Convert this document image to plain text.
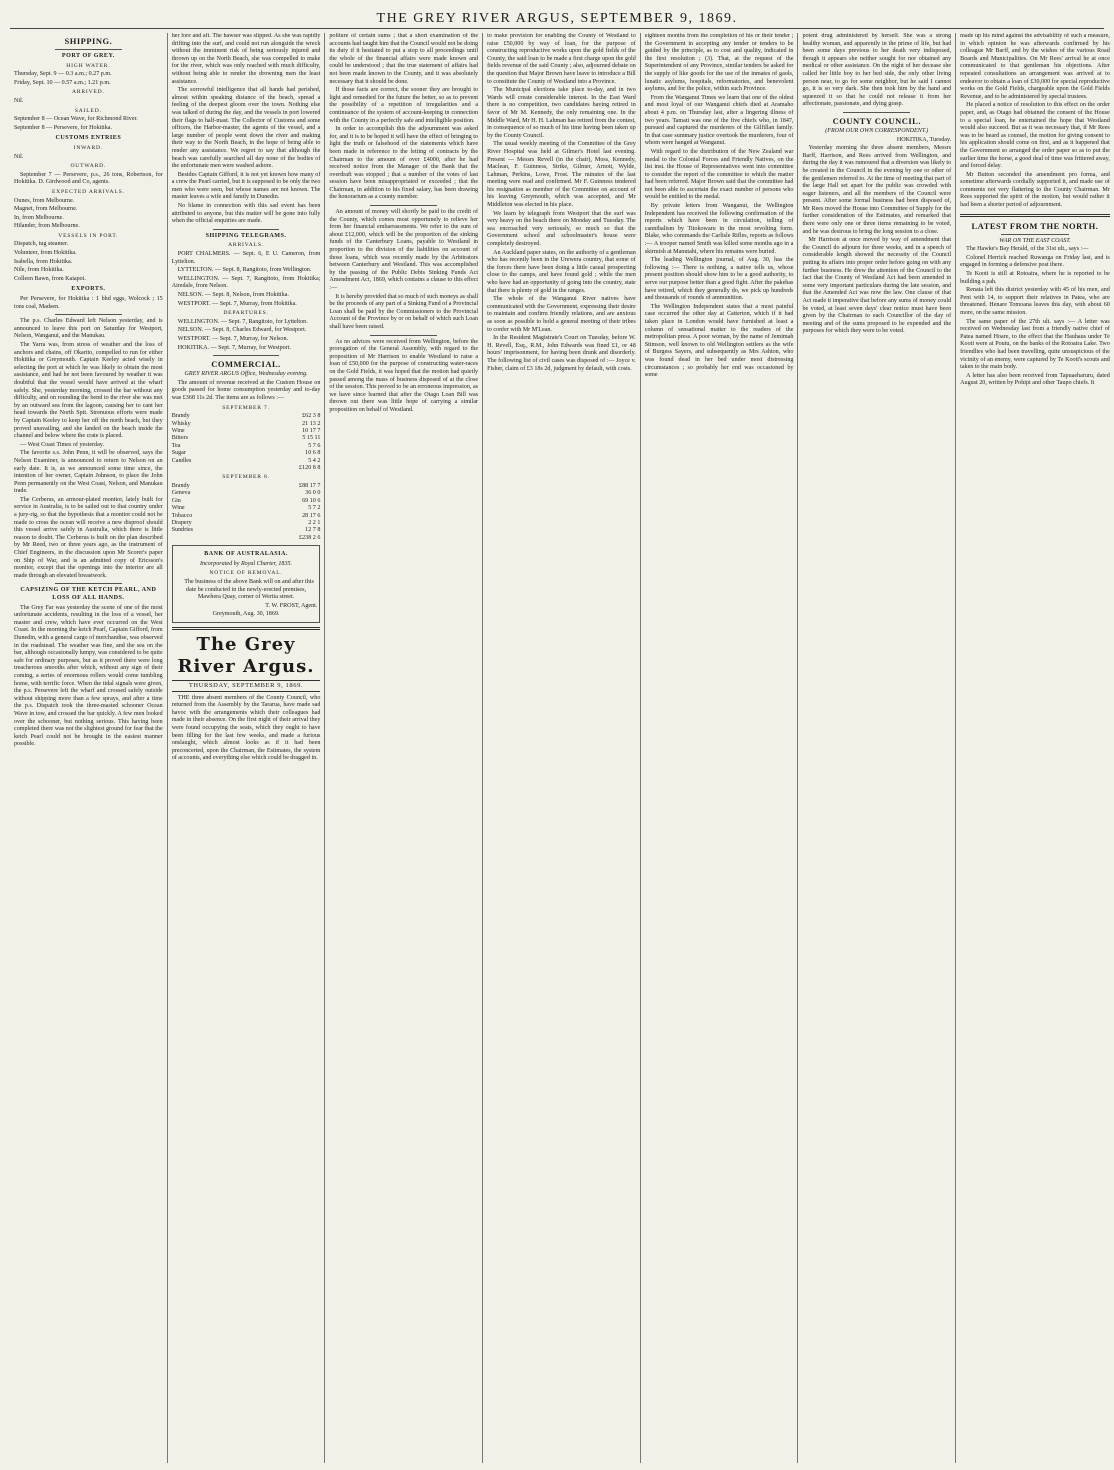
THE GREY RIVER ARGUS, SEPTEMBER 9, 1869.
SHIPPING.
PORT OF GREY.
HIGH WATER.

Thursday, Sept. 9 — 0.3 a.m.; 0.27 p.m.

Friday, Sept. 10 — 0.57 a.m.; 1.21 p.m.

ARRIVED.

Nil.

SAILED.

September 8 — Ocean Wave, for Richmond River.

September 8 — Persevere, for Hokitika.

CUSTOMS ENTRIES
INWARD.

Nil.

OUTWARD.

September 7 — Persevere, p.s., 26 tons, Robertson, for Hokitika. D. Girdwood and Co, agents.

EXPECTED ARRIVALS.

Ounes, from Melbourne.

Magnet, from Melbourne.

In, from Melbourne.

Hilander, from Melbourne.

VESSELS IN PORT.

Dispatch, tug steamer.

Volunteer, from Hokitika.

Isabella, from Hokitika.

Nile, from Hokitika.

Colleen Bawn, from Kaiapoi.

EXPORTS.

Per Persevere, for Hokitika : 1 bhd eggs, Wolcock ; 15 tons coal, Madsen.

The p.s. Charles Edward left Nelson yesterday, and is announced to leave this port on Saturday for Westport, Nelson, Wanganui, and the Manukau.

The Yarra was, from stress of weather and the loss of anchors and chains, off Okarito, compelled to run for either Hokitika or Greymouth. Captain Keeley acted wisely in selecting the port at which he was likely to obtain the most assistance, and had he not been favoured by weather it was doubtful that the vessel would have arrived at the wharf safely. She, yesterday morning, crossed the bar without any difficulty, and on rounding the bend to the river she was met by an outward sea from the lagoon, causing her to cant her head towards the North Spit. Strenuous efforts were made by Captain Keeley to keep her off the north beach, but they proved unavailing, and she landed on the beach inside the channel and below where the crate is placed.

— West Coast Times of yesterday.

The favorite s.s. John Penn, it will be observed, says the Nelson Examiner, is announced to return to Nelson on an early date. It is, as we announced some time since, the intention of her owner, Captain Johnson, to place the John Penn permanently on the West Coast, Nelson, and Manukau trade.

The Cerberus, an armour-plated monitor, lately built for service in Australia, is to be sailed out to that country under a jury-rig, so that the hypothesis that a monitor could not be made to cross the ocean will receive a new disproof should this vessel arrive safely in Australia, which there is little reason to doubt. The Cerberus is built on the plan described by Mr Reed, two or three years ago, as the instrument of Chief Engineers, in the discussion upon Mr Scorer's paper on Ship of War, and is an admitted copy of Ericsson's monitor, except that the openings into the interior are all made through an elevated breastwork.

CAPSIZING OF THE KETCH PEARL, AND LOSS OF ALL HANDS.

The Grey Far was yesterday the scene of one of the most unfortunate accidents, resulting in the loss of a vessel, her master and crew, which have ever occurred on the West Coast. In the morning the ketch Pearl, Captain Gifford, from Dunedin, with a general cargo of merchandise, was observed in the roadstead. The weather was fine, and the sea on the bar, although occasionally lumpy, was considered to be quite safe for ordinary purposes, but as it proved there were long treacherous smooths after which, without any sign of their coming, a series of enormous rollers would come tumbling home, with terrific force. When the tidal signals were given, the p.s. Persevere left the wharf and crossed safely outside without shipping more than a few sprays, and after a time the p.s. Dispatch took the three-masted schooner Ocean Wave in tow, and crossed the bar quickly. A few men looked over the schooner, but nothing serious. This having been completed there was not the slightest ground for fear that the ketch Pearl could not be brought in the easiest manner possible.

her fore and aft. The hawser was slipped. As she was rapidly drifting into the surf, and could not run alongside the wreck without the imminent risk of being seriously injured and thrown up on the North Beach, she was compelled to make for the river, which was only reached with much difficulty, without being able to render the drowning men the least assistance.

The sorrowful intelligence that all hands had perished, almost within speaking distance of the beach, spread a feeling of the deepest gloom over the town. Nothing else was talked of during the day, and the vessels in port lowered their flags to half-mast. The Collector of Customs and some officers, the Harbor-master, the agents of the vessel, and a large number of people went down the river and making their way to the North Beach, in the hope of being able to render any assistance. We regret to say that although the beach was carefully searched all day none of the bodies of the unfortunate men were washed ashore.

Besides Captain Gifford, it is not yet known how many of a crew the Pearl carried, but it is supposed to be only the two men who were seen, but whose names are not known. The master leaves a wife and family in Dunedin.

No blame in connection with this sad event has been attributed to anyone, but this matter will be gone into fully when the official enquiries are made.

SHIPPING TELEGRAMS.
ARRIVALS.

PORT CHALMERS. — Sept. 6, E U. Cameron, from Lyttelton.

LYTTELTON. — Sept. 8, Rangitoto, from Wellington.

WELLINGTON. — Sept. 7, Rangitoto, from Hokitika; Airedale, from Nelson.

NELSON. — Sept. 8, Nelson, from Hokitika.

WESTPORT. — Sept. 7, Murray, from Hokitika.

DEPARTURES.

WELLINGTON. — Sept. 7, Rangitoto, for Lyttelton.

NELSON. — Sept. 8, Charles Edward, for Westport.

WESTPORT. — Sept. 7, Murray, for Nelson.

HOKITIKA. — Sept. 7, Murray, for Westport.

COMMERCIAL.
GREY RIVER ARGUS Office, Wednesday evening.

The amount of revenue received at the Custom House on goods passed for home consumption yesterday and to-day was £368 11s 2d. The items are as follows :—

SEPTEMBER 7.
Brandy	£62 3 8
Whisky	21 13 2
Wine	10 17 7
Bitters	5 15 11
Tea	5 7 6
Sugar	10 6 8
Candles	5 4 2
	£120 8 8
SEPTEMBER 8.
Brandy	£88 17 7
Geneva	36 0 0
Gin	69 10 6
Wine	5 7 2
Tobacco	28 17 6
Drapery	2 2 1
Sundries	12 7 8
	£238 2 6
BANK OF AUSTRALASIA.
Incorporated by Royal Charter, 1835.
NOTICE OF REMOVAL.

The business of the above Bank will on and after this date be conducted in the newly-erected premises, Mawhera Quay, corner of Werita street.

T. W. FROST, Agent.

Greymouth, Aug. 30, 1869.

The Grey River Argus.
THURSDAY, SEPTEMBER 9, 1869.

THE three absent members of the County Council, who returned from the Assembly by the Tararua, have made sad havoc with the arrangements which their colleagues had made in their absence. On the first night of their arrival they were found occupying the seats, which they ought to have been filling for the last few weeks, and made a furious onslaught, which almost looks as if it had been preconcerted, upon the Chairman, the Estimates, the system of accounts, and everything else which could be dragged in.

politure of certain sums ; that a short examination of the accounts had taught him that the Council would not be doing its duty if it hesitated to put a stop to all proceedings until the whole of the financial affairs were made known and could be understood ; that the true statement of affairs had not been made known to the County, and it was absolutely necessary that it should be done.

If those facts are correct, the sooner they are brought to light and remedied for the future the better, so as to prevent the possibility of a repetition of irregularities and a continuance of the system of account-keeping in connection with the County in a perfectly safe and intelligible position.

In order to accomplish this the adjournment was asked for, and it is to be hoped it will have the effect of bringing to light the truth or falsehood of the statements which have been made in reference to the letting of contracts by the Chairman to the amount of over £4000, after he had received notice from the Manager of the Bank that the overdraft was stopped ; that a number of the votes of last session have been misappropriated or exceeded ; that the Chairman, in addition to his fixed salary, has been drawing the honorarium as a county member.

An amount of money will shortly be paid to the credit of the County, which comes most opportunely to relieve her from her financial embarrassments. We refer to the sum of about £12,000, which will be the proportion of the sinking funds of the Canterbury Loans, payable to Westland in proportion to the division of the liabilities on account of those loans, which was recently made by the Arbitrators between Canterbury and Westland. This was accomplished by the passing of the Public Debts Sinking Funds Act Amendment Act, 1869, which contains a clause to this effect :—

It is hereby provided that so much of such moneys as shall be the proceeds of any part of a Sinking Fund of a Provincial Loan shall be paid by the Commissioners to the Provincial Account of the Province by or on behalf of which such Loan shall have been raised.

As no advices were received from Wellington, before the prorogation of the General Assembly, with regard to the proposition of Mr Harrison to enable Westland to raise a loan of £50,000 for the purpose of constructing water-races on the Gold Fields, it was hoped that the motion had quietly passed among the mass of business disposed of at the close of the session. This proved to be an erroneous impression, as we have since learned that after the Otago Loan Bill was thrown out there was little hope of carrying a similar proposition on behalf of Westland.

to make provision for enabling the County of Westland to raise £50,000 by way of loan, for the purpose of constructing reproductive works upon the gold fields of the County, the said loan to be made a first charge upon the gold fields revenue of the said County ; also, adjourned debate on the question that Major Brown have leave to introduce a Bill to constitute the County of Westland into a Province.

The Municipal elections take place to-day, and in two Wards will create considerable interest. In the East Ward there is no competition, two candidates having retired in favor of Mr M. Kennedy, the only remaining one. In the Middle Ward, Mr H. H. Lahman has retired from the contest, in consequence of so much of his time having been taken up by the County Council.

The usual weekly meeting of the Committee of the Grey River Hospital was held at Gilmer's Hotel last evening. Present — Messrs Revell (in the chair), Moss, Kennedy, Maclean, F. Guinness, Strike, Gilmer, Arnott, Wylde, Lahman, Perkins, Lowe, Frost. The minutes of the last meeting were read and confirmed. Mr F. Guinness tendered his resignation as member of the Committee on account of his leaving Greymouth, which was accepted, and Mr Middleton was elected in his place.

We learn by telegraph from Westport that the surf was very heavy on the beach there on Monday and Tuesday. The sea encroached very seriously, so much so that the Government school and schoolmaster's house were completely destroyed.

An Auckland paper states, on the authority of a gentleman who has recently been in the Urewera country, that some of the forces there have been doing a little casual prospecting close to the camps, and have found gold ; while the men who have had an opportunity of going into the country, state that there is plenty of gold in the ranges.

The whole of the Wanganui River natives have communicated with the Government, expressing their desire to maintain and confirm friendly relations, and are anxious as soon as possible to hold a general meeting of their tribes to confer with Mr M'Lean.

In the Resident Magistrate's Court on Tuesday, before W. H. Revell, Esq., R.M., John Edwards was fined £1, or 48 hours' imprisonment, for having been drunk and disorderly. The following list of civil cases was disposed of :— Joyce v. Fisher, claim of £3 18s 2d, judgment by default, with costs.

eighteen months from the completion of his or their tender ; the Government in accepting any tender or tenders to be guided by the principle, as to cost and quality, indicated in the first resolution ; (3). That, at the request of the Superintendent of any Province, similar tenders be asked for the supply of like goods for the use of the inmates of gaols, lunatic asylums, hospitals, reformatories, and benevolent asylums, and for the police, within such Province.

From the Wanganui Times we learn that one of the oldest and most loyal of our Wanganui chiefs died at Aramaho about 4 p.m. on Thursday last, after a lingering illness of two years. Tamati was one of the five chiefs who, in 1847, pursued and captured the murderers of the Gilfillan family. In that case summary justice overtook the murderers, four of whom were hanged at Wanganui.

With regard to the distribution of the New Zealand war medal to the Colonial Forces and Friendly Natives, on the list inst. the House of Representatives went into committee to consider the report of the committee to which the matter had been referred. Major Brown said that the committee had not been able to ascertain the exact number of persons who would be entitled to the medal.

By private letters from Wanganui, the Wellington Independent has received the following confirmation of the reports which have been in circulation, telling of cannibalism by Titokowaru in the most revolting form. Blake, who commands the Carlisle Rifles, reports as follows :— A trooper named Smith was killed some months ago in a skirmish at Manutahi, where his remains were buried.

The leading Wellington journal, of Aug. 30, has the following :— There is nothing, a native tells us, whose present position should show him to be a good authority, to serve our purpose better than a good fight. After the pakehas have retired, which they generally do, we pick up hundreds and thousands of rounds of ammunition.

The Wellington Independent states that a most painful case occurred the other day at Catterton, which if it had taken place in London would have furnished at least a column of sensational matter to the readers of the metropolitan press. A poor woman, by the name of Jemimah Stimson, well known to old Wellington settlers as the wife of Burgess Sayers, and subsequently as Mrs Ashton, who was found dead in her bed under most distressing circumstances ; so probably her end was occasioned by some

potent drug administered by herself. She was a strong healthy woman, and apparently in the prime of life, but had been some days previous to her death very indisposed, though it appears she neither sought for nor obtained any medical or other assistance. On the night of her decease she called her little boy to her bed side, the only other living person near, to go for some neighbor, but he said I cannot go, it is so very dark. She then took him by the hand and squeezed it so that he could not release it from her affectionate, passionate, and dying grasp.

COUNTY COUNCIL.
(FROM OUR OWN CORRESPONDENT.)

HOKITIKA, Tuesday.

Yesterday morning the three absent members, Messrs Barff, Harrison, and Rees arrived from Wellington, and during the day it was rumoured that a diversion was likely to be created in the Council in the evening by one or other of the gentlemen referred to. At the time of meeting that part of the large Hall set apart for the public was crowded with eager listeners, and all the members of the Council were present. After some formal business had been disposed of, Mr Rees moved the House into Committee of Supply for the further consideration of the Estimates, and remarked that there were only one or three items remaining to be voted, and he was desirous to bring the long session to a close.

Mr Harrison at once moved by way of amendment that the Council do adjourn for three weeks, and in a speech of considerable length showed the necessity of the Council putting its affairs into proper order before going on with any further business. He drew the attention of the Council to the fact that the County of Westland Act had been amended in some very important particulars during the late session, and that the Amended Act was now the law. One clause of that Act made it imperative that before any sums of money could be voted, at least seven days' clear notice must have been given by the Chairman to each Councillor of the day of meeting and of the sums proposed to be expended and the purposes for which they were to be voted.

made up his mind against the advisability of such a measure, in which opinion he was afterwards confirmed by his colleague Mr Barff, and by the wishes of the various Road Boards and Municipalities. On Mr Rees' arrival he at once communicated to that gentleman his objections. After repeated consultations an arrangement was arrived at to endeavor to obtain a loan of £30,000 for special reproductive works on the Gold Fields, chargeable upon the Gold Fields Revenue, and to be administered by special trustees.

He placed a notice of resolution to this effect on the order paper, and, as Otago had obtained the consent of the House to a special loan, he entertained the hope that Westland would also succeed. But as it was necessary that, if Mr Rees was to be heard as counsel, the motion for giving consent to his application should come on first, and as it happened that the Government so arranged the order paper so as to put the earlier time the horse, a good deal of time was frittered away, and forced delay.

Mr Button seconded the amendment pro forma, and sometime afterwards cordially supported it, and made use of comments not very flattering to the County Chairman. Mr Rees supported the spirit of the motion, but would rather it had been a shorter period of adjournment.

LATEST FROM THE NORTH.
WAR ON THE EAST COAST.

The Hawke's Bay Herald, of the 31st ult., says :—

Colonel Herrick reached Ruwanga on Friday last, and is engaged in forming a defensive post there.

Te Kooti is still at Rotoaira, where he is reported to be building a pah.

Renata left this district yesterday with 45 of his men, and Peni with 14, to support their relatives in Patea, who are threatened. Henare Tomoana leaves this day, with about 60 more, on the same mission.

The same paper of the 27th ult. says :— A letter was received on Wednesday last from a friendly native chief of Patea named Hoare, to the effect that the Hauhaus under Te Kooti were at Poutu, on the banks of the Rotoaira Lake. Two friendlies who had been travelling, quite unsuspicious of the vicinity of an enemy, were captured by Te Kooti's scouts and taken to the main body.

A letter has also been received from Tapuaeharuru, dated August 20, written by Pohipi and other Taupo chiefs. It
